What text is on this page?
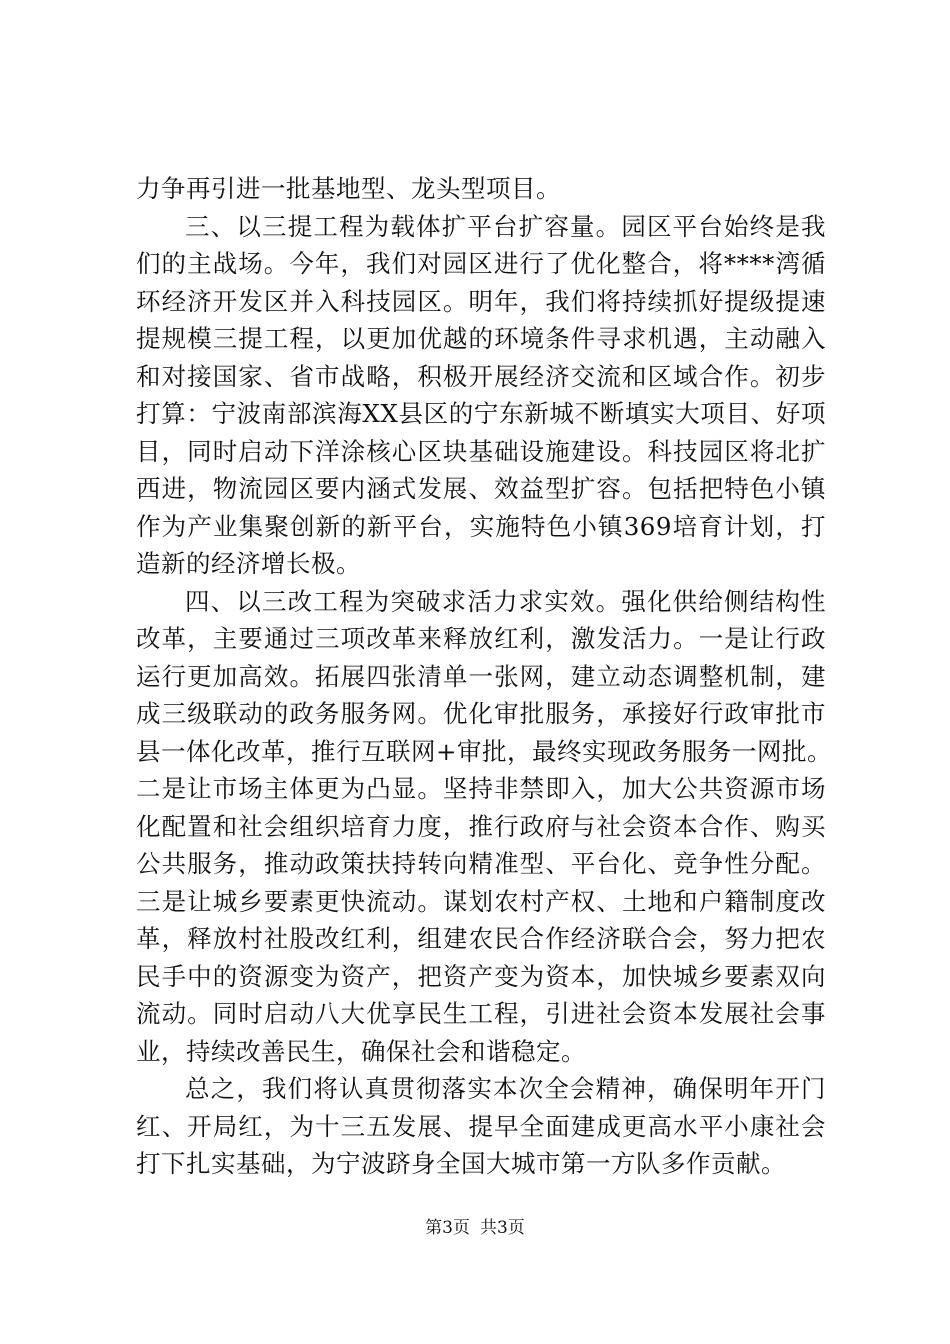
力争再引进一批基地型、龙头型项目。
三、以三提工程为载体扩平台扩容量。园区平台始终是我
们的主战场。今年，我们对园区进行了优化整合，将****湾循
环经济开发区并入科技园区。明年，我们将持续抓好提级提速
提规模三提工程，以更加优越的环境条件寻求机遇，主动融入
和对接国家、省市战略，积极开展经济交流和区域合作。初步
打算：宁波南部滨海XX县区的宁东新城不断填实大项目、好项
目，同时启动下洋涂核心区块基础设施建设。科技园区将北扩
西进，物流园区要内涵式发展、效益型扩容。包括把特色小镇
作为产业集聚创新的新平台，实施特色小镇369培育计划，打
造新的经济增长极。
四、以三改工程为突破求活力求实效。强化供给侧结构性
改革，主要通过三项改革来释放红利，激发活力。一是让行政
运行更加高效。拓展四张清单一张网，建立动态调整机制，建
成三级联动的政务服务网。优化审批服务，承接好行政审批市
县一体化改革，推行互联网+审批，最终实现政务服务一网批。
二是让市场主体更为凸显。坚持非禁即入，加大公共资源市场
化配置和社会组织培育力度，推行政府与社会资本合作、购买
公共服务，推动政策扶持转向精准型、平台化、竞争性分配。
三是让城乡要素更快流动。谋划农村产权、土地和户籍制度改
革，释放村社股改红利，组建农民合作经济联合会，努力把农
民手中的资源变为资产，把资产变为资本，加快城乡要素双向
流动。同时启动八大优享民生工程，引进社会资本发展社会事
业，持续改善民生，确保社会和谐稳定。
总之，我们将认真贯彻落实本次全会精神，确保明年开门
红、开局红，为十三五发展、提早全面建成更高水平小康社会
打下扎实基础，为宁波跻身全国大城市第一方队多作贡献。
第3页 共3页
